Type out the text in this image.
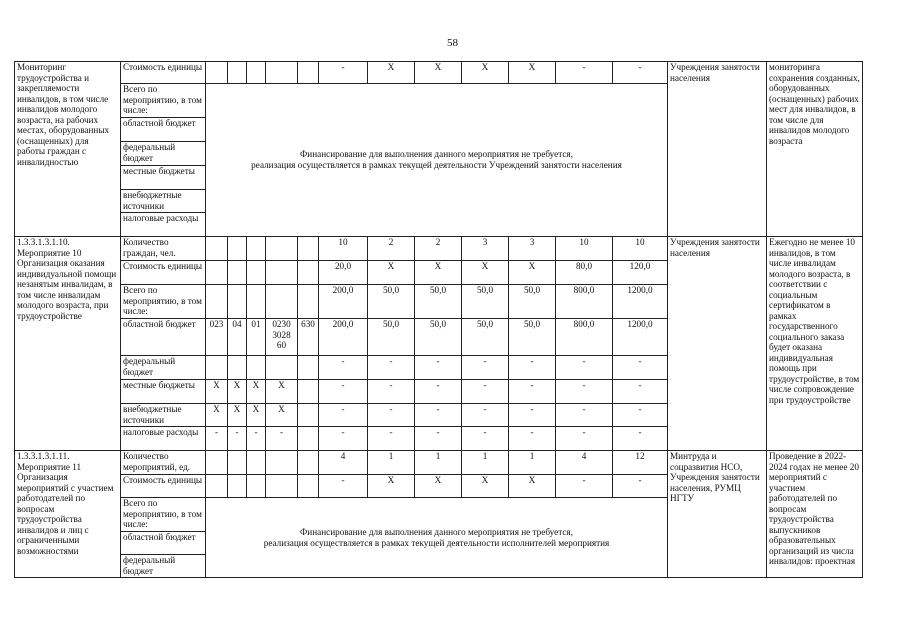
58
Мониторинг трудоустройства и закрепляемости инвалидов, в том числе инвалидов молодого возраста, на рабочих местах, оборудованных (оснащенных) для работы граждан с инвалидностью	Стоимость единицы						-	X	X	X	X	-	-	Учреждения занятости населения	мониторинга сохранения созданных, оборудованных (оснащенных) рабочих мест для инвалидов, в том числе для инвалидов молодого возраста
	Всего по мероприятию, в том числе:	Финансирование для выполнения данного мероприятия не требуется,
реализация осуществляется в рамках текущей деятельности Учреждений занятости населения													

	областной бюджет														
	федеральный бюджет														
	местные бюджеты														
	внебюджетные источники														
	налоговые расходы														

1.3.3.1.3.1.10. Мероприятие 10 Организация оказания индивидуальной помощи незанятым инвалидам, в том числе инвалидам молодого возраста, при трудоустройстве	Количество граждан, чел.						10	2	2	3	3	10	10	Учреждения занятости населения	Ежегодно не менее 10 инвалидов, в том числе инвалидам молодого возраста, в соответствии с социальным сертификатом в рамках государственного социального заказа будет оказана индивидуальная помощь при трудоустройстве, в том числе сопровождение при трудоустройстве
	Стоимость единицы						20,0	X	X	X	X	80,0	120,0		
	Всего по мероприятию, в том числе:						200,0	50,0	50,0	50,0	50,0	800,0	1200,0		
	областной бюджет	023	04	01	0230 3028 60	630	200,0	50,0	50,0	50,0	50,0	800,0	1200,0		
	федеральный бюджет						-	-	-	-	-	-	-		
	местные бюджеты	X	X	X	X		-	-	-	-	-	-	-		
	внебюджетные источники	X	X	X	X		-	-	-	-	-	-	-		
	налоговые расходы	-	-	-	-		-	-	-	-	-	-	-		
1.3.3.1.3.1.11. Мероприятие 11 Организация мероприятий с участием работодателей по вопросам трудоустройства инвалидов и лиц с ограниченными возможностями	Количество мероприятий, ед.						4	1	1	1	1	4	12	Минтруда и соцразвития НСО, Учреждения занятости населения, РУМЦ НГТУ	Проведение в 2022-2024 годах не менее 20 мероприятий с участием работодателей по вопросам трудоустройства выпускников образовательных организаций из числа инвалидов: проектная
	Стоимость единицы						-	X	X	X	X	-	-		
	Всего по мероприятию, в том числе:	Финансирование для выполнения данного мероприятия не требуется,
реализация осуществляется в рамках текущей деятельности исполнителей мероприятия													

	областной бюджет														
	федеральный бюджет														
